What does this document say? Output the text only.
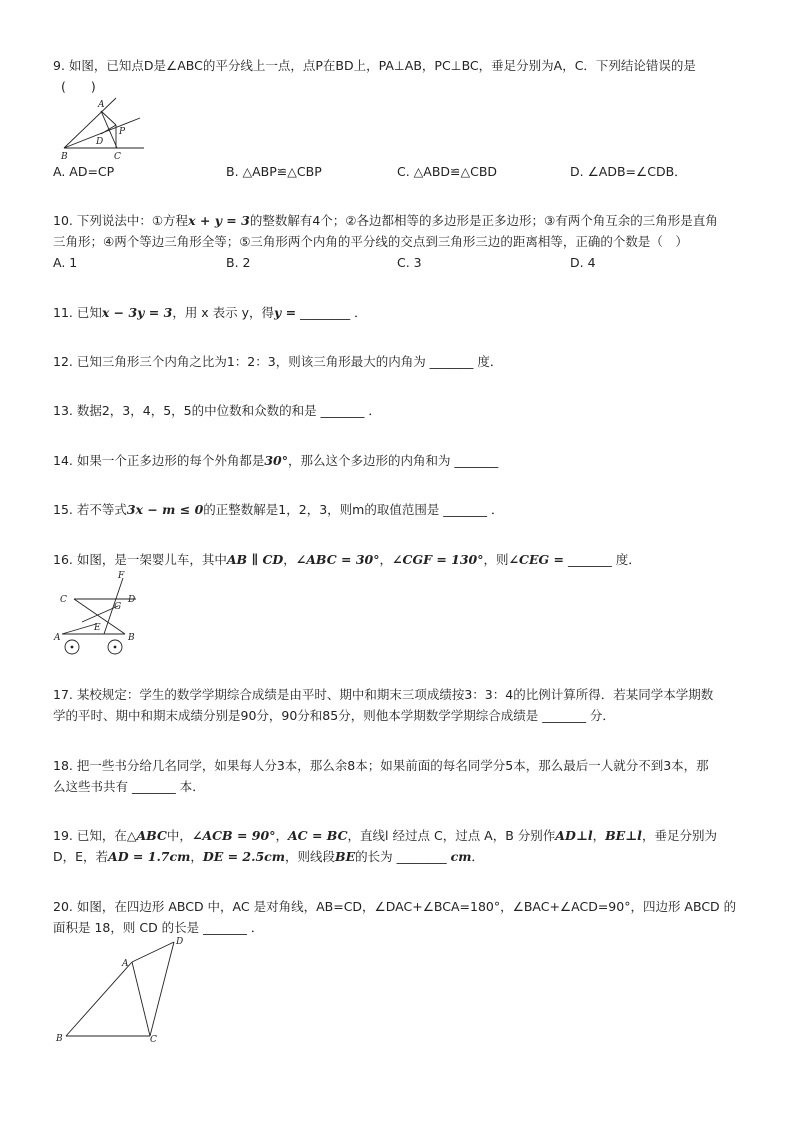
9. 如图，已知点D是∠ABC的平分线上一点，点P在BD上，PA⊥AB，PC⊥BC，垂足分别为A，C．下列结论错误的是
(　　)
A
P
D
B	C
A. AD=CP	B. △ABP≌△CBP	C. △ABD≌△CBD	D. ∠ADB=∠CDB．
10. 下列说法中：①方程x + y = 3的整数解有4个；②各边都相等的多边形是正多边形；③有两个角互余的三角形是直角
三角形；④两个等边三角形全等；⑤三角形两个内角的平分线的交点到三角形三边的距离相等，正确的个数是（　）
A. 1	B. 2	C. 3	D. 4
11. 已知x − 3y = 3，用 x 表示 y，得y = ________ ．
12. 已知三角形三个内角之比为1：2：3，则该三角形最大的内角为 _______ 度．
13. 数据2，3，4，5，5的中位数和众数的和是 _______ ．
14. 如果一个正多边形的每个外角都是30°，那么这个多边形的内角和为 _______
15. 若不等式3x − m ≤ 0的正整数解是1，2，3，则m的取值范围是 _______ ．
16. 如图，是一架婴儿车，其中AB ∥ CD，∠ABC = 30°，∠CGF = 130°，则∠CEG = _______ 度．
F
C	D
G
E
A	B
17. 某校规定：学生的数学学期综合成绩是由平时、期中和期末三项成绩按3：3：4的比例计算所得．若某同学本学期数
学的平时、期中和期末成绩分别是90分，90分和85分，则他本学期数学学期综合成绩是 _______ 分．
18. 把一些书分给几名同学，如果每人分3本，那么余8本；如果前面的每名同学分5本，那么最后一人就分不到3本，那
么这些书共有 _______ 本．
19. 已知，在△ABC中，∠ACB = 90°，AC = BC，直线l 经过点 C，过点 A，B 分别作AD⊥l，BE⊥l，垂足分别为
D，E，若AD = 1.7cm，DE = 2.5cm，则线段BE的长为 ________ cm．
20. 如图，在四边形 ABCD 中，AC 是对角线，AB=CD，∠DAC+∠BCA=180°，∠BAC+∠ACD=90°，四边形 ABCD 的
面积是 18，则 CD 的长是 _______ ．
A
D
B	C
